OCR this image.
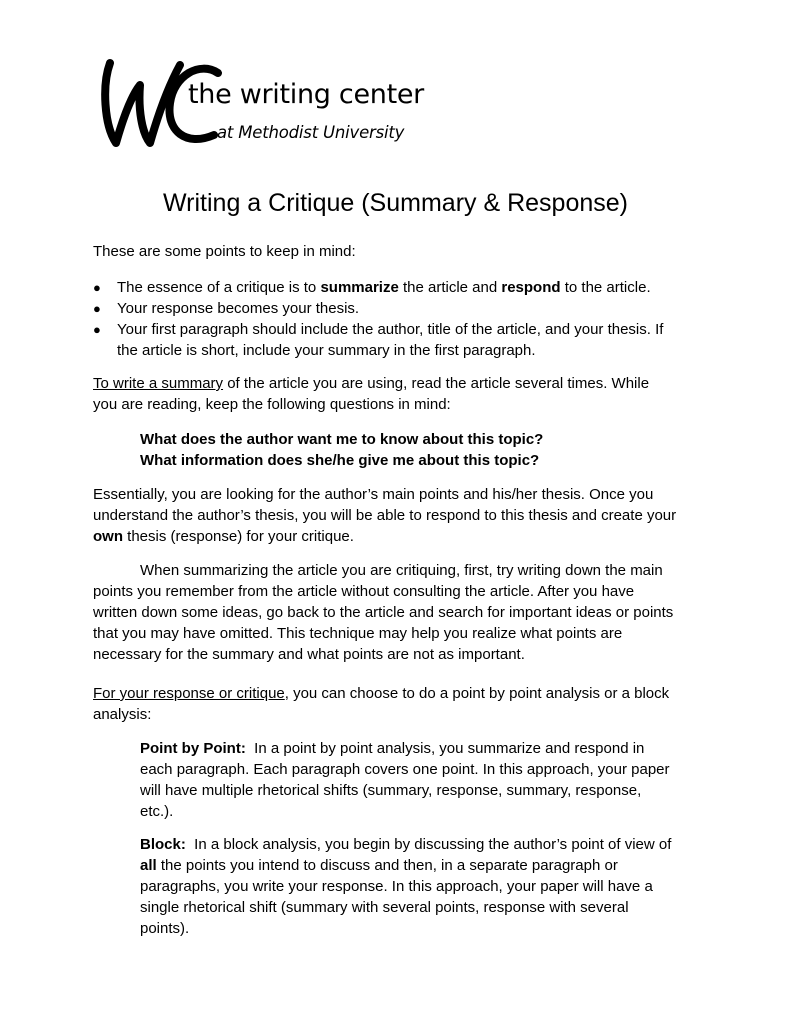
the writing center
at Methodist University
Writing a Critique (Summary & Response)

These are some points to keep in mind:

● The essence of a critique is to summarize the article and respond to the article.

● Your response becomes your thesis.

● Your first paragraph should include the author, title of the article, and your thesis. If

the article is short, include your summary in the first paragraph.

To write a summary of the article you are using, read the article several times. While

you are reading, keep the following questions in mind:

What does the author want me to know about this topic?

What information does she/he give me about this topic?

Essentially, you are looking for the author’s main points and his/her thesis. Once you

understand the author’s thesis, you will be able to respond to this thesis and create your

own thesis (response) for your critique.

When summarizing the article you are critiquing, first, try writing down the main

points you remember from the article without consulting the article. After you have

written down some ideas, go back to the article and search for important ideas or points

that you may have omitted. This technique may help you realize what points are

necessary for the summary and what points are not as important.

For your response or critique, you can choose to do a point by point analysis or a block

analysis:

Point by Point:  In a point by point analysis, you summarize and respond in

each paragraph. Each paragraph covers one point. In this approach, your paper

will have multiple rhetorical shifts (summary, response, summary, response,

etc.).

Block:  In a block analysis, you begin by discussing the author’s point of view of

all the points you intend to discuss and then, in a separate paragraph or

paragraphs, you write your response. In this approach, your paper will have a

single rhetorical shift (summary with several points, response with several

points).
